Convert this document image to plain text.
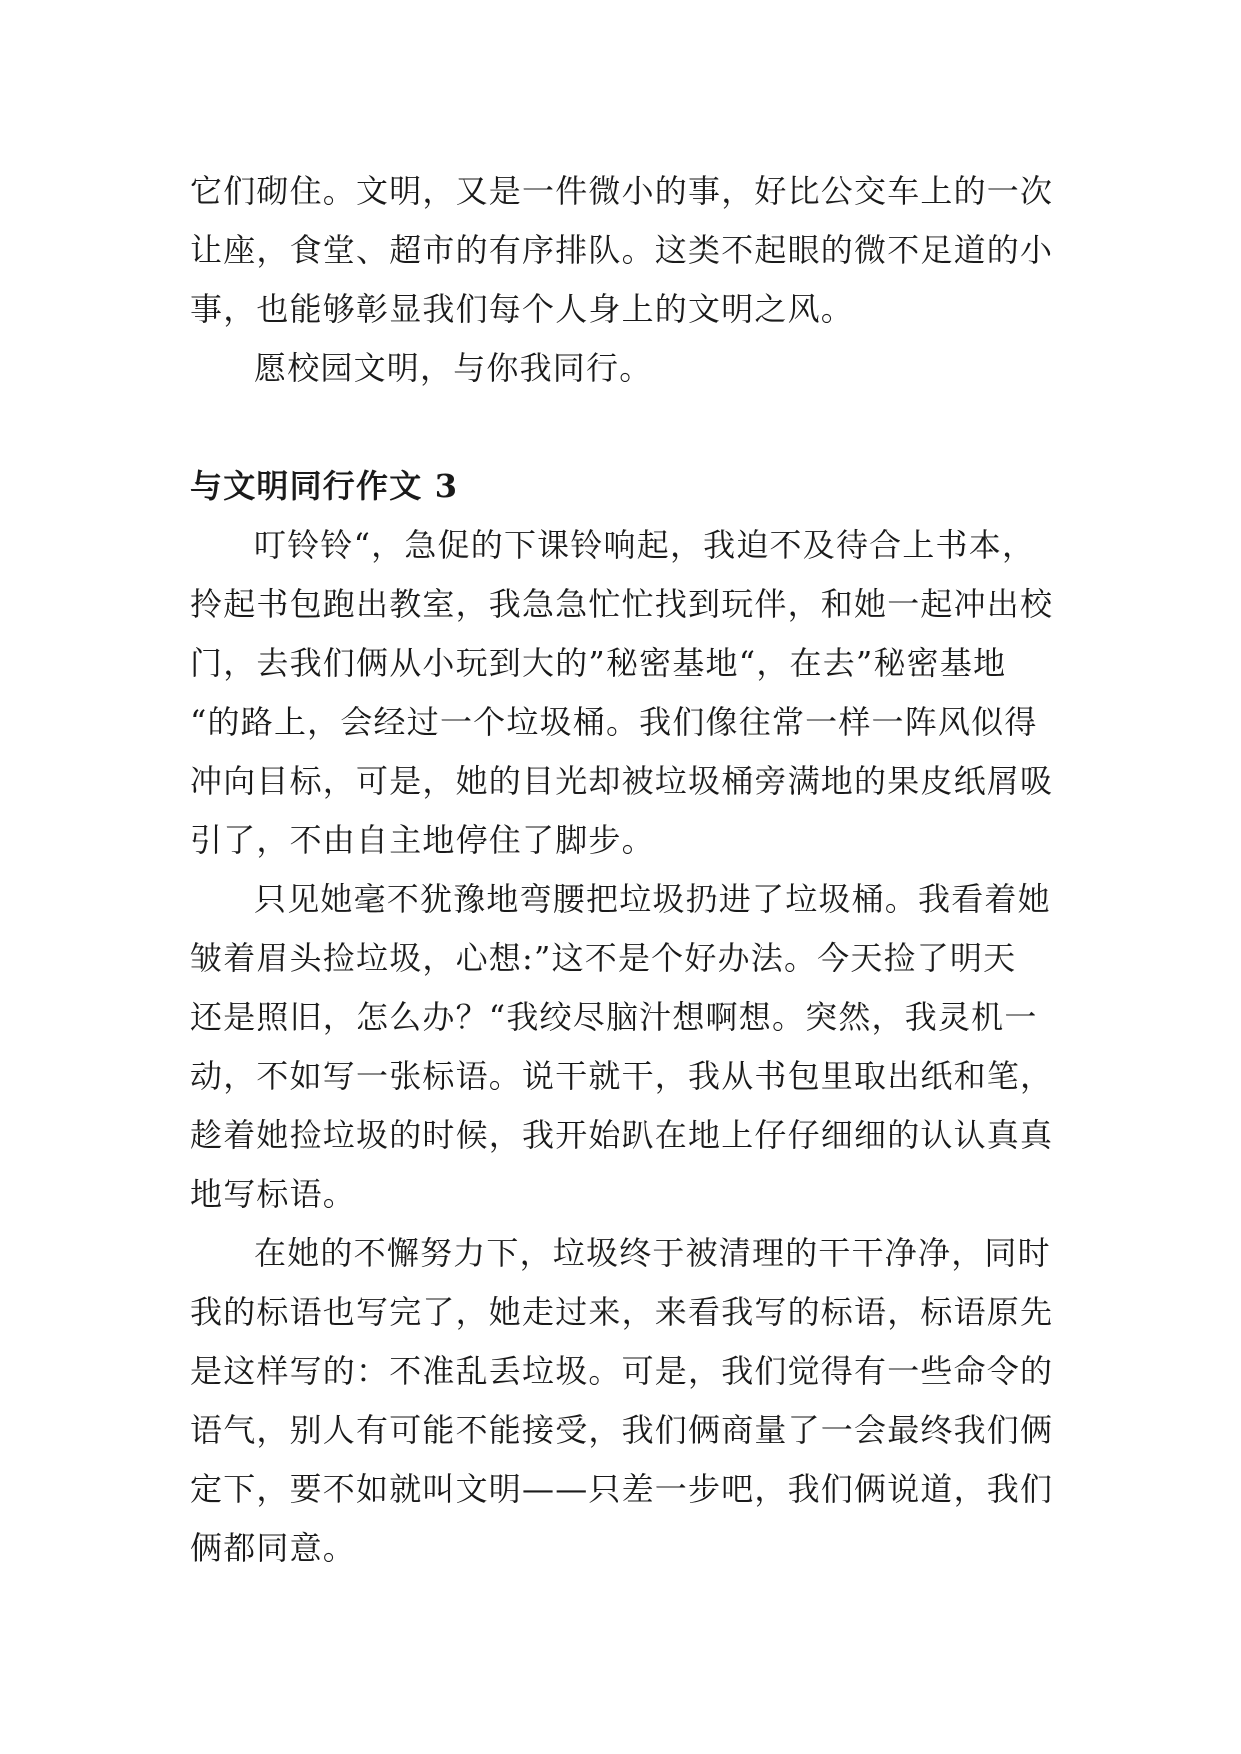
它们砌住。文明，又是一件微小的事，好比公交车上的一次
让座，食堂、超市的有序排队。这类不起眼的微不足道的小
事，也能够彰显我们每个人身上的文明之风。

愿校园文明，与你我同行。

与文明同行作文 3

叮铃铃“，急促的下课铃响起，我迫不及待合上书本，
拎起书包跑出教室，我急急忙忙找到玩伴，和她一起冲出校
门，去我们俩从小玩到大的”秘密基地“，在去”秘密基地
“的路上，会经过一个垃圾桶。我们像往常一样一阵风似得
冲向目标，可是，她的目光却被垃圾桶旁满地的果皮纸屑吸
引了，不由自主地停住了脚步。

只见她毫不犹豫地弯腰把垃圾扔进了垃圾桶。我看着她
皱着眉头捡垃圾，心想:”这不是个好办法。今天捡了明天
还是照旧，怎么办？“我绞尽脑汁想啊想。突然，我灵机一
动，不如写一张标语。说干就干，我从书包里取出纸和笔，
趁着她捡垃圾的时候，我开始趴在地上仔仔细细的认认真真
地写标语。

在她的不懈努力下，垃圾终于被清理的干干净净，同时
我的标语也写完了，她走过来，来看我写的标语，标语原先
是这样写的：不准乱丢垃圾。可是，我们觉得有一些命令的
语气，别人有可能不能接受，我们俩商量了一会最终我们俩
定下，要不如就叫文明——只差一步吧，我们俩说道，我们
俩都同意。
